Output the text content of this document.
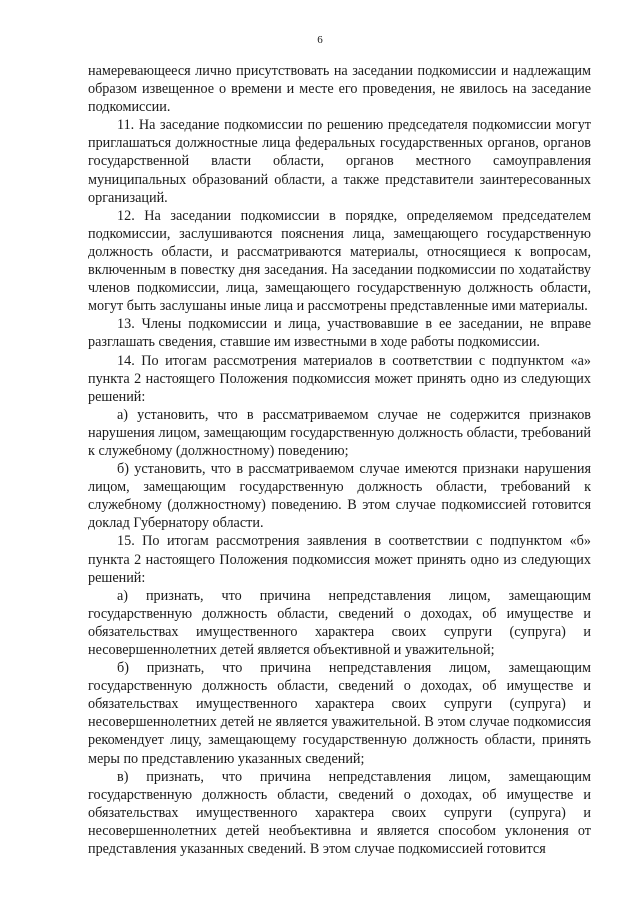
6

намеревающееся лично присутствовать на заседании подкомиссии и надлежащим образом извещенное о времени и месте его проведения, не явилось на заседание подкомиссии.

11. На заседание подкомиссии по решению председателя подкомиссии могут приглашаться должностные лица федеральных государственных органов, органов государственной власти области, органов местного самоуправления муниципальных образований области, а также представители заинтересованных организаций.

12. На заседании подкомиссии в порядке, определяемом председателем подкомиссии, заслушиваются пояснения лица, замещающего государственную должность области, и рассматриваются материалы, относящиеся к вопросам, включенным в повестку дня заседания. На заседании подкомиссии по ходатайству членов подкомиссии, лица, замещающего государственную должность области, могут быть заслушаны иные лица и рассмотрены представленные ими материалы.

13. Члены подкомиссии и лица, участвовавшие в ее заседании, не вправе разглашать сведения, ставшие им известными в ходе работы подкомиссии.

14. По итогам рассмотрения материалов в соответствии с подпунктом «а» пункта 2 настоящего Положения подкомиссия может принять одно из следующих решений:

а) установить, что в рассматриваемом случае не содержится признаков нарушения лицом, замещающим государственную должность области, требований к служебному (должностному) поведению;

б) установить, что в рассматриваемом случае имеются признаки нарушения лицом, замещающим государственную должность области, требований к служебному (должностному) поведению. В этом случае подкомиссией готовится доклад Губернатору области.

15. По итогам рассмотрения заявления в соответствии с подпунктом «б» пункта 2 настоящего Положения подкомиссия может принять одно из следующих решений:

а) признать, что причина непредставления лицом, замещающим государственную должность области, сведений о доходах, об имуществе и обязательствах имущественного характера своих супруги (супруга) и несовершеннолетних детей является объективной и уважительной;

б) признать, что причина непредставления лицом, замещающим государственную должность области, сведений о доходах, об имуществе и обязательствах имущественного характера своих супруги (супруга) и несовершеннолетних детей не является уважительной. В этом случае подкомиссия рекомендует лицу, замещающему государственную должность области, принять меры по представлению указанных сведений;

в) признать, что причина непредставления лицом, замещающим государственную должность области, сведений о доходах, об имуществе и обязательствах имущественного характера своих супруги (супруга) и несовершеннолетних детей необъективна и является способом уклонения от представления указанных сведений. В этом случае подкомиссией готовится
